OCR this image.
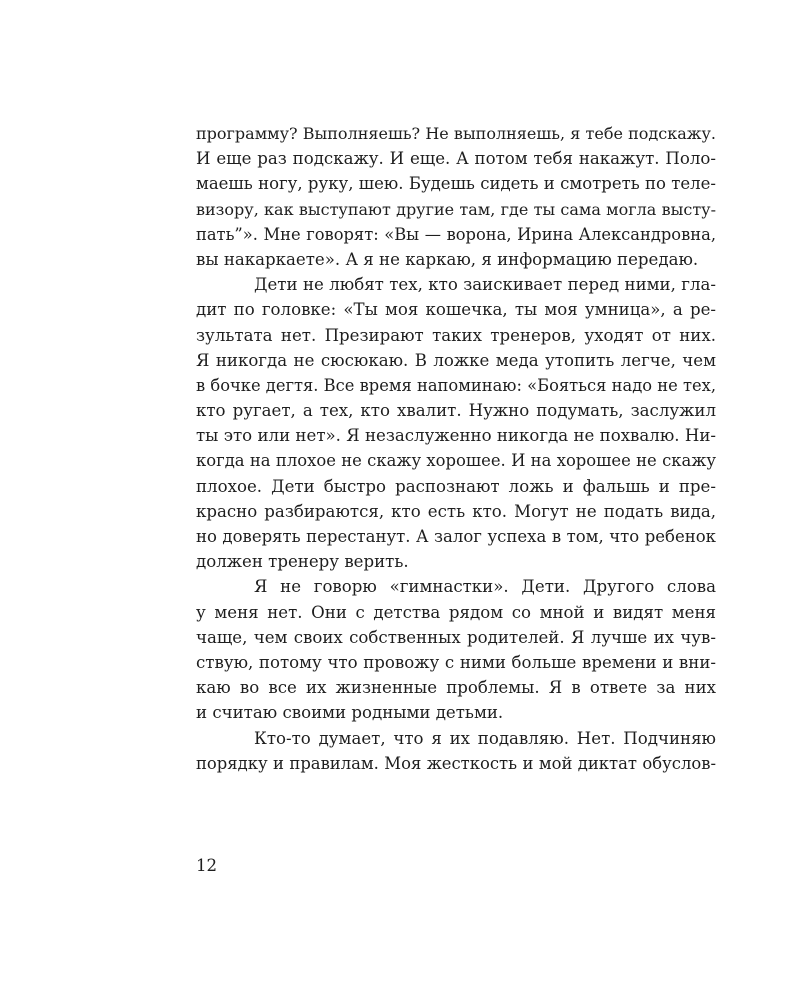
программу? Выполняешь? Не выполняешь, я тебе подскажу.
И еще раз подскажу. И еще. А потом тебя накажут. Поло-
маешь ногу, руку, шею. Будешь сидеть и смотреть по теле-
визору, как выступают другие там, где ты сама могла высту-
пать”». Мне говорят: «Вы — ворона, Ирина Александровна,
вы накаркаете». А я не каркаю, я информацию передаю.
Дети не любят тех, кто заискивает перед ними, гла-
дит по головке: «Ты моя кошечка, ты моя умница», а ре-
зультата нет. Презирают таких тренеров, уходят от них.
Я никогда не сюсюкаю. В ложке меда утопить легче, чем
в бочке дегтя. Все время напоминаю: «Бояться надо не тех,
кто ругает, а тех, кто хвалит. Нужно подумать, заслужил
ты это или нет». Я незаслуженно никогда не похвалю. Ни-
когда на плохое не скажу хорошее. И на хорошее не скажу
плохое. Дети быстро распознают ложь и фальшь и пре-
красно разбираются, кто есть кто. Могут не подать вида,
но доверять перестанут. А залог успеха в том, что ребенок
должен тренеру верить.
Я не говорю «гимнастки». Дети. Другого слова
у меня нет. Они с детства рядом со мной и видят меня
чаще, чем своих собственных родителей. Я лучше их чув-
ствую, потому что провожу с ними больше времени и вни-
каю во все их жизненные проблемы. Я в ответе за них
и считаю своими родными детьми.
Кто-то думает, что я их подавляю. Нет. Подчиняю
порядку и правилам. Моя жесткость и мой диктат обуслов-
12
